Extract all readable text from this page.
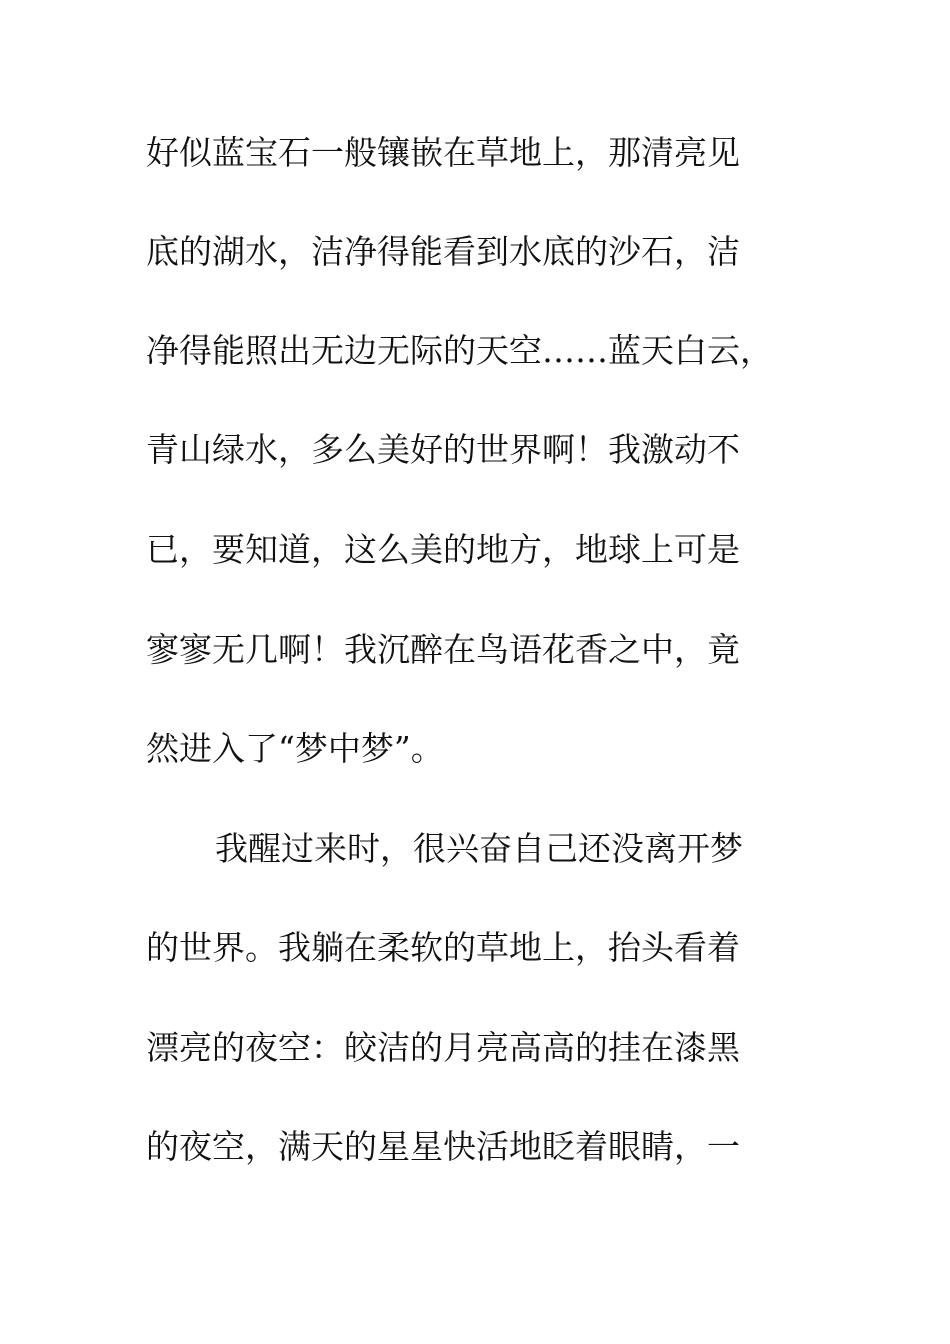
好似蓝宝石一般镶嵌在草地上，那清亮见

底的湖水，洁净得能看到水底的沙石，洁

净得能照出无边无际的天空……蓝天白云，

青山绿水，多么美好的世界啊！我激动不

已，要知道，这么美的地方，地球上可是

寥寥无几啊！我沉醉在鸟语花香之中，竟

然进入了“梦中梦”。

我醒过来时，很兴奋自己还没离开梦

的世界。我躺在柔软的草地上，抬头看着

漂亮的夜空：皎洁的月亮高高的挂在漆黑

的夜空，满天的星星快活地眨着眼睛，一
